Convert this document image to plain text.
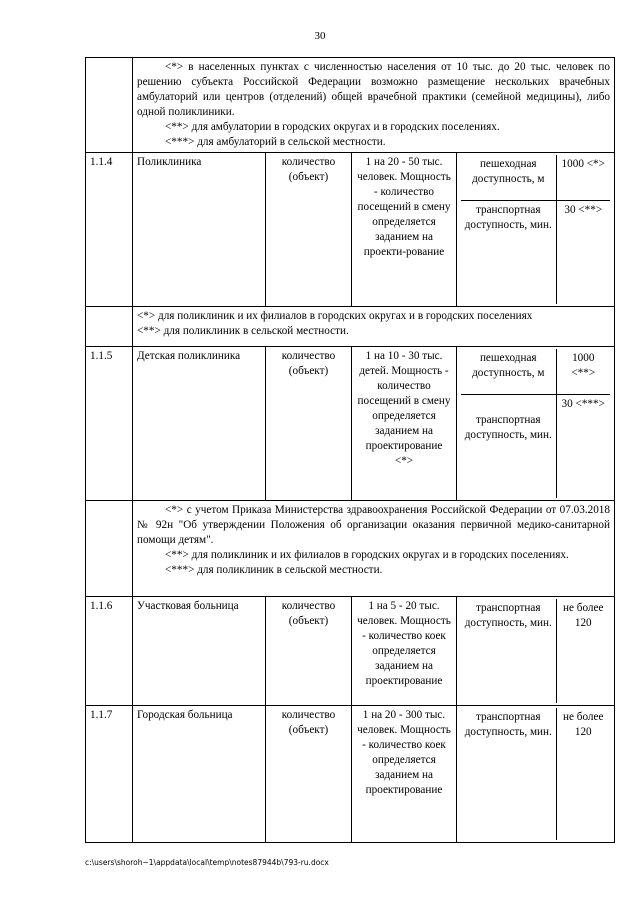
30

<*> в населенных пунктах с численностью населения от 10 тыс. до 20 тыс. человек по решению субъекта Российской Федерации возможно размещение нескольких врачебных амбулаторий или центров (отделений) общей врачебной практики (семейной медицины), либо одной поликлиники.

<**> для амбулатории в городских округах и в городских поселениях.

<***> для амбулаторий в сельской местности.

1.1.4	Поликлиника	количество (объект)	1 на 20 - 50 тыс. человек. Мощность - количество посещений в смену определяется заданием на проекти-рование	
пешеходная доступность, м	1000 <*>
транспортная доступность, мин.	30 <**>

<*> для поликлиник и их филиалов в городских округах и в городских поселениях

<**> для поликлиник в сельской местности.

1.1.5	Детская поликлиника	количество (объект)	1 на 10 - 30 тыс. детей. Мощность - количество посещений в смену определяется заданием на проектирование <*>	
пешеходная доступность, м	1000 <**>
транспортная доступность, мин.	30 <***>

<*> с учетом Приказа Министерства здравоохранения Российской Федерации от 07.03.2018 № 92н "Об утверждении Положения об организации оказания первичной медико-санитарной помощи детям".

<**> для поликлиник и их филиалов в городских округах и в городских поселениях.

<***> для поликлиник в сельской местности.

1.1.6	Участковая больница	количество (объект)	1 на 5 - 20 тыс. человек. Мощность - количество коек определяется заданием на проектирование	
транспортная доступность, мин.	не более 120

1.1.7	Городская больница	количество (объект)	1 на 20 - 300 тыс. человек. Мощность - количество коек определяется заданием на проектирование	
транспортная доступность, мин.	не более 120
c:\users\shoroh~1\appdata\local\temp\notes87944b\793-ru.docx
